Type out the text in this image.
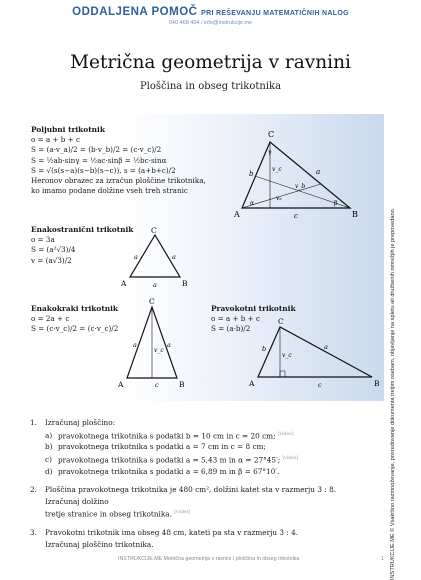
ODDALJENA POMOČ PRI REŠEVANJU MATEMATIČNIH NALOG
040 468 404 / info@instrukcije.me
Metrična geometrija v ravnini
Ploščina in obseg trikotnika
Poljubni trikotnik
o = a + b + c
S = (a·v_a)/2 = (b·v_b)/2 = (c·v_c)/2
S = ½ab·sinγ = ½ac·sinβ = ½bc·sinα
S = √(s(s−a)(s−b)(s−c)), s = (a+b+c)/2
Heronov obrazec za izračun ploščine trikotnika,
ko imamo podane dolžine vseh treh stranic
C
A	B
b	a
c
v_c
v_b
vₐ
α	β
γ
Enakostranični trikotnik
o = 3a
S = (a²√3)/4
v = (a√3)/2
C
A	B
a	a
a
Enakokraki trikotnik
o = 2a + c
S = (c·v_c)/2 = (c·v_c)/2
C
A	B
a	a
c
v_c
Pravokotni trikotnik
o = a + b + c
S = (a·b)/2
C
A	B
b	a
c
v_c	INSTRUKCIJE.ME © Vsakršno razmnoževanje, posredovanje dokumenta tretjim osebam, objavljanje na spletu ali družbenih omrežjih je prepovedano.
1.	Izračunaj ploščino:
a) pravokotnega trikotnika s podatki b = 10 cm in c = 20 cm; [video]
b) pravokotnega trikotnika s podatki a = 7 cm in c = 8 cm;
c) pravokotnega trikotnika s podatki a = 5,43 m in α = 27°45′; [video]
d) pravokotnega trikotnika s podatki a = 6,89 m in β = 67°10′.
2.	Ploščina pravokotnega trikotnika je 480 cm², dolžini katet sta v razmerju 3 : 8. Izračunaj dolžino
tretje stranice in obseg trikotnika. [video]
3.	Pravokotni trikotnik ima obseg 48 cm, kateti pa sta v razmerju 3 : 4.
Izračunaj ploščino trikotnika.
INSTRUKCIJE.ME Metrična geometrija v ravnini / ploščina in obseg trikotnika	1
